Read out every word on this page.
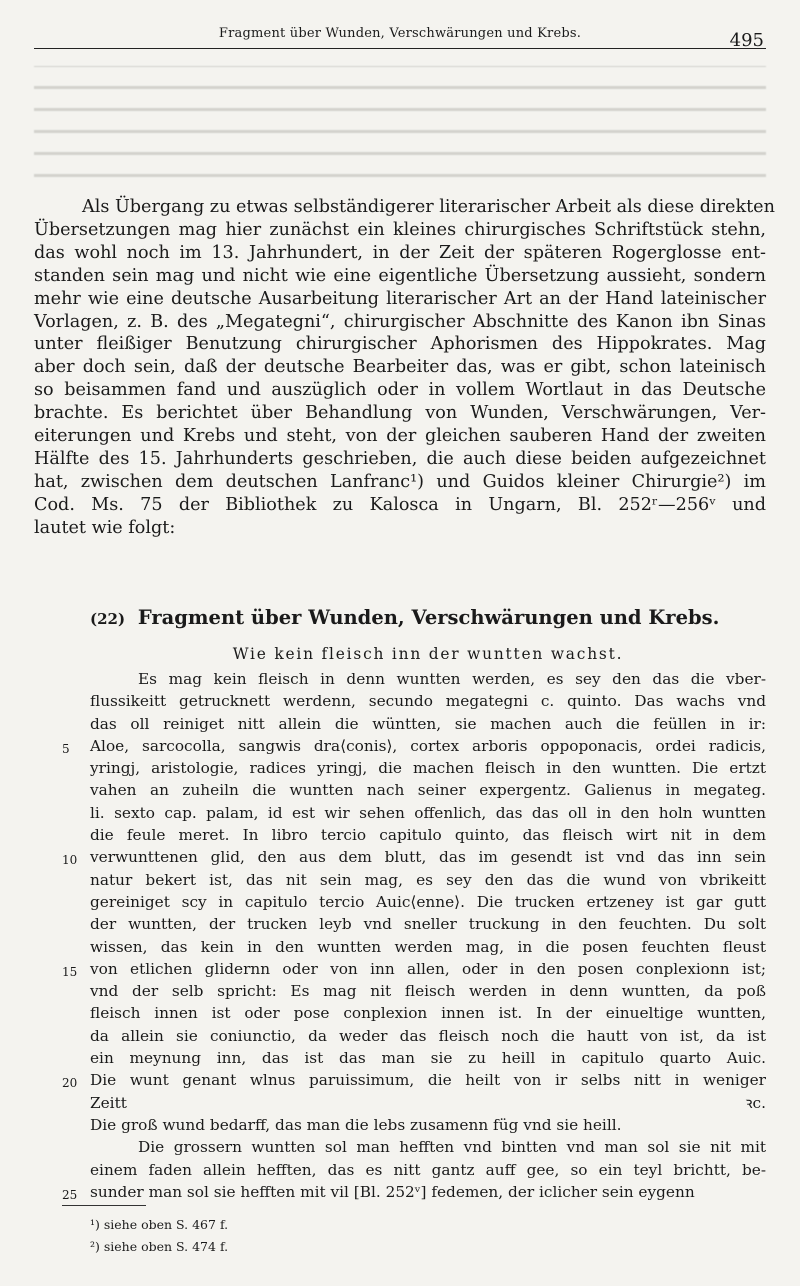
Fragment über Wunden, Verschwärungen und Krebs.	495

Als Übergang zu etwas selbständigerer literarischer Arbeit als diese direkten
Übersetzungen mag hier zunächst ein kleines chirurgisches Schriftstück stehn,
das wohl noch im 13. Jahrhundert, in der Zeit der späteren Rogerglosse ent-
standen sein mag und nicht wie eine eigentliche Übersetzung aussieht, sondern
mehr wie eine deutsche Ausarbeitung literarischer Art an der Hand lateinischer
Vorlagen, z. B. des „Megategni“, chirurgischer Abschnitte des Kanon ibn Sinas
unter fleißiger Benutzung chirurgischer Aphorismen des Hippokrates. Mag
aber doch sein, daß der deutsche Bearbeiter das, was er gibt, schon lateinisch
so beisammen fand und auszüglich oder in vollem Wortlaut in das Deutsche
brachte. Es berichtet über Behandlung von Wunden, Verschwärungen, Ver-
eiterungen und Krebs und steht, von der gleichen sauberen Hand der zweiten
Hälfte des 15. Jahrhunderts geschrieben, die auch diese beiden aufgezeichnet
hat, zwischen dem deutschen Lanfranc¹) und Guidos kleiner Chirurgie²) im
Cod. Ms. 75 der Bibliothek zu Kalosca in Ungarn, Bl. 252ʳ—256ᵛ und
lautet wie folgt:

(22) Fragment über Wunden, Verschwärungen und Krebs.
Wie kein fleisch inn der wuntten wachst.
Es mag kein fleisch in denn wuntten werden, es sey den das die vber-
flussikeitt getrucknett werdenn, secundo megategni c. quinto. Das wachs vnd
das oll reiniget nitt allein die wüntten, sie machen auch die feüllen in ir:
5	Aloe, sarcocolla, sangwis dra⟨conis⟩, cortex arboris oppoponacis, ordei radicis,
yringj, aristologie, radices yringj, die machen fleisch in den wuntten. Die ertzt
vahen an zuheiln die wuntten nach seiner expergentz. Galienus in megateg.
li. sexto cap. palam, id est wir sehen offenlich, das das oll in den holn wuntten
die feule meret. In libro tercio capitulo quinto, das fleisch wirt nit in dem
10 verwunttenen glid, den aus dem blutt, das im gesendt ist vnd das inn sein
natur bekert ist, das nit sein mag, es sey den das die wund von vbrikeitt
gereiniget scy in capitulo tercio Auic⟨enne⟩. Die trucken ertzeney ist gar gutt
der wuntten, der trucken leyb vnd sneller truckung in den feuchten. Du solt
wissen, das kein in den wuntten werden mag, in die posen feuchten fleust
15 von etlichen glidernn oder von inn allen, oder in den posen conplexionn ist;
vnd der selb spricht: Es mag nit fleisch werden in denn wuntten, da poß
fleisch innen ist oder pose conplexion innen ist. In der einueltige wuntten,
da allein sie coniunctio, da weder das fleisch noch die hautt von ist, da ist
ein meynung inn, das ist das man sie zu heill in capitulo quarto Auic.
20 Die wunt genant wlnus paruissimum, die heilt von ir selbs nitt in weniger
Zeitt ꝛc.
Die groß wund bedarff, das man die lebs zusamenn füg vnd sie heill.
Die grossern wuntten sol man hefften vnd bintten vnd man sol sie nit mit
einem faden allein hefften, das es nitt gantz auff gee, so ein teyl brichtt, be-
25 sunder man sol sie hefften mit vil [Bl. 252ᵛ] fedemen, der iclicher sein eygenn
¹) siehe oben S. 467 f.
²) siehe oben S. 474 f.
